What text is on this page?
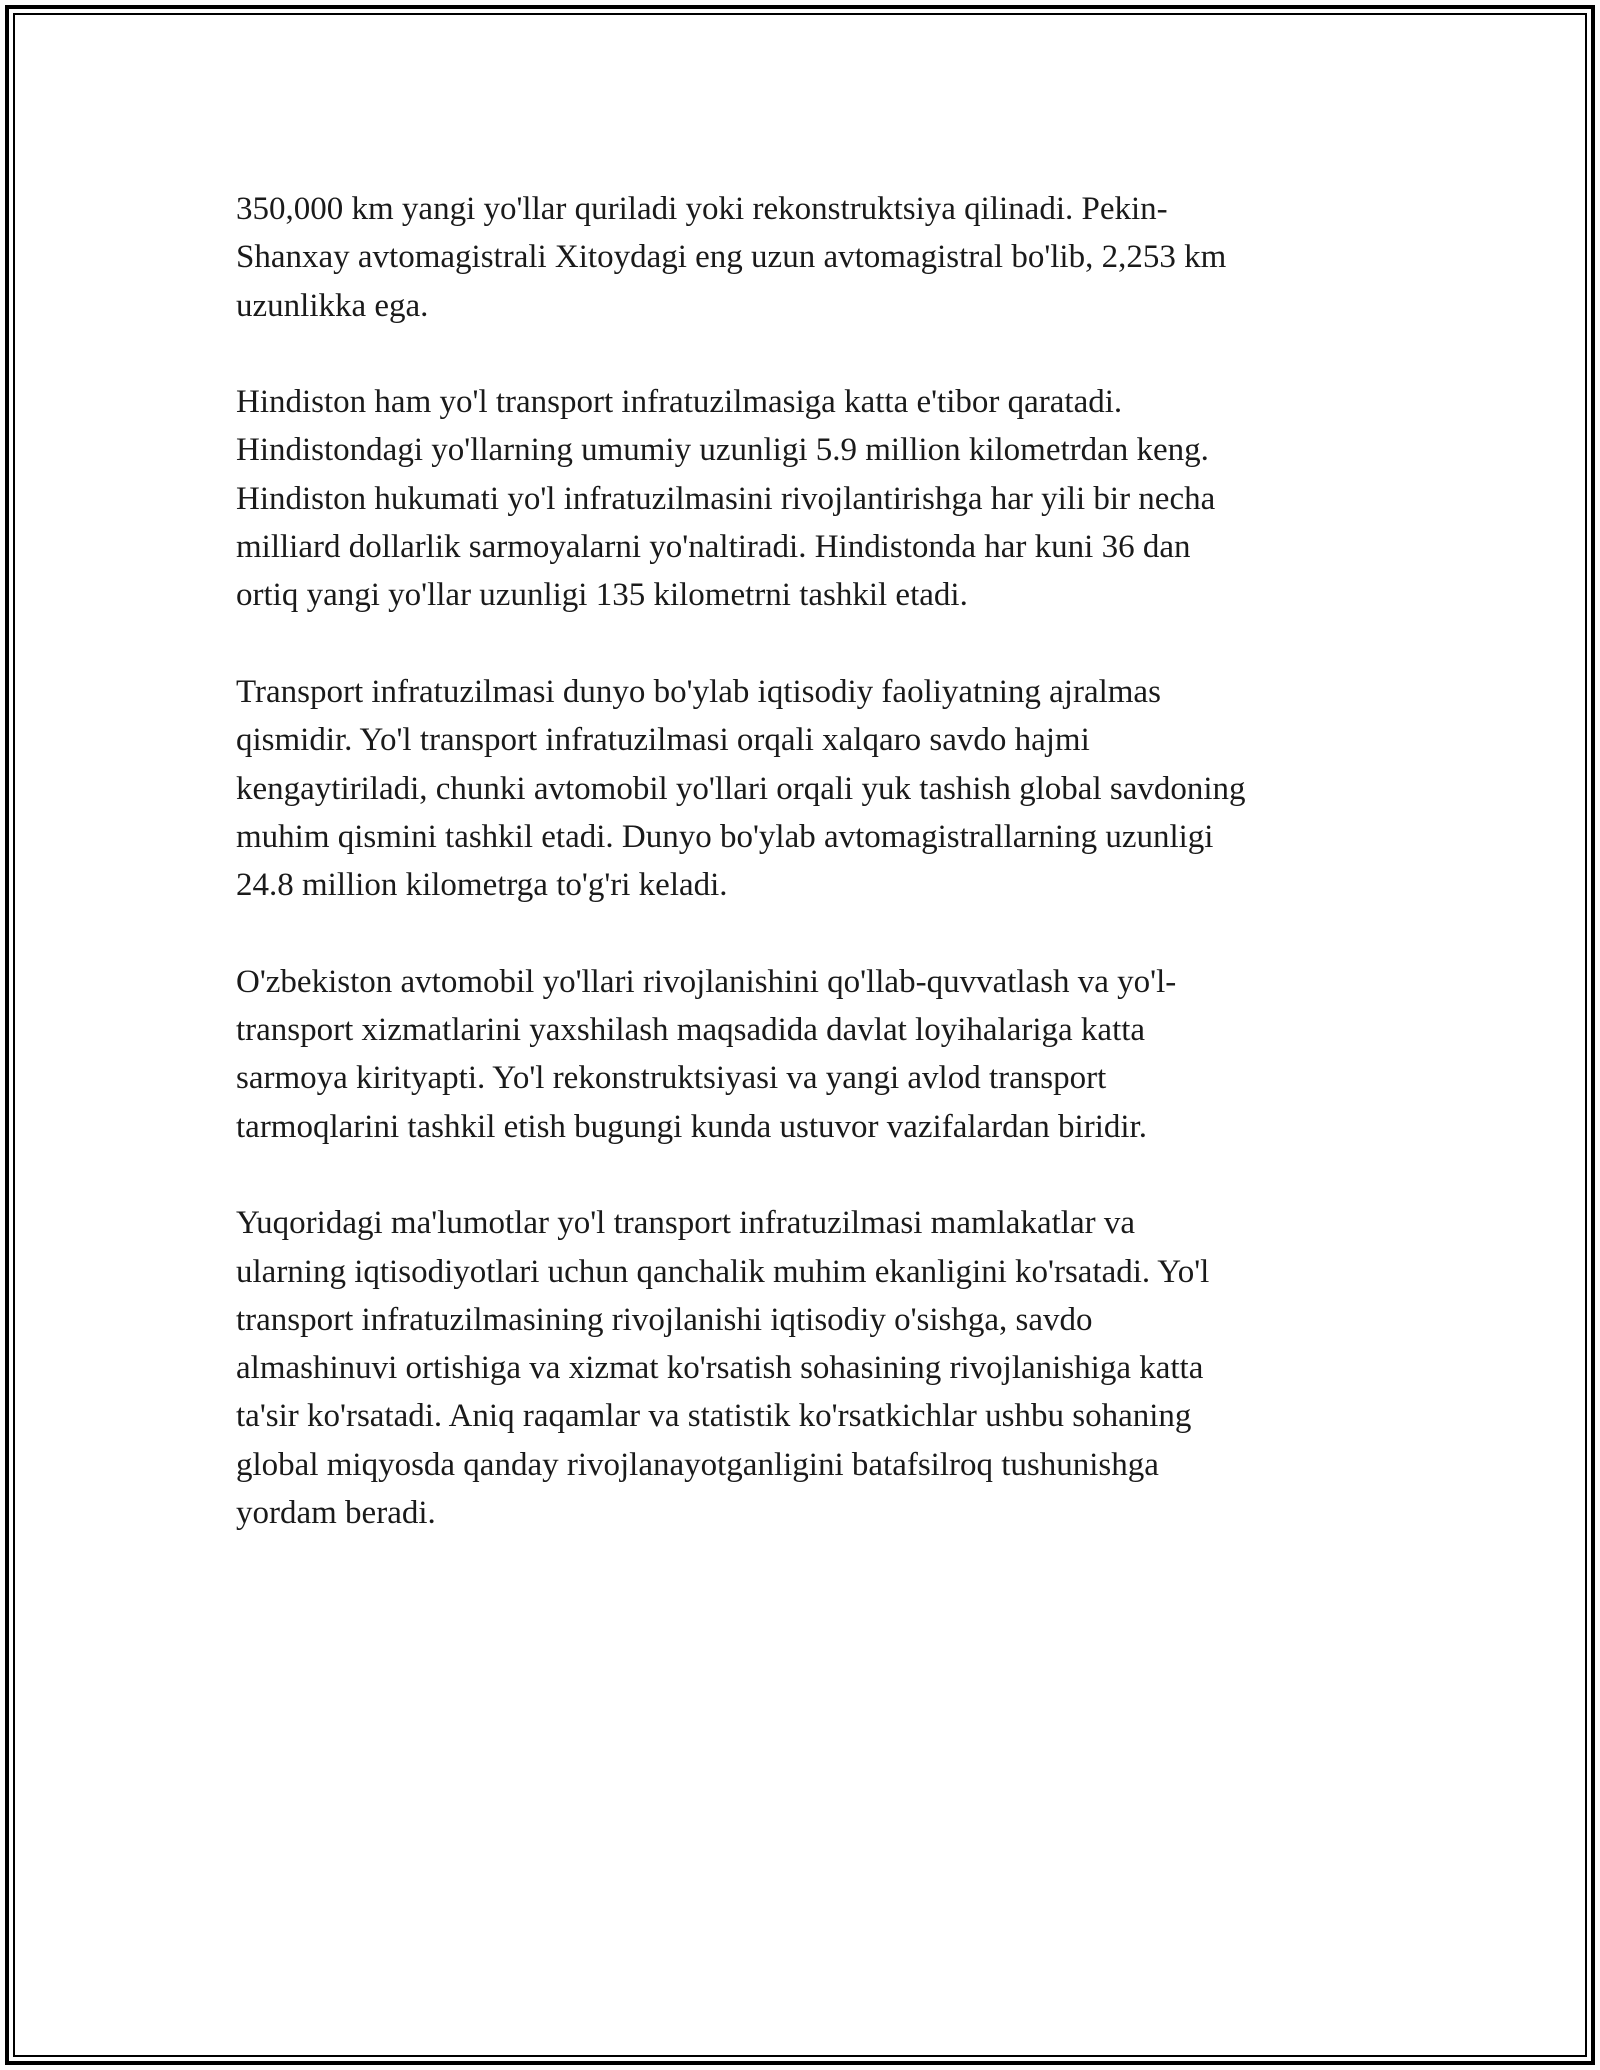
350,000 km yangi yo'llar quriladi yoki rekonstruktsiya qilinadi. Pekin-
Shanxay avtomagistrali Xitoydagi eng uzun avtomagistral bo'lib, 2,253 km
uzunlikka ega.

Hindiston ham yo'l transport infratuzilmasiga katta e'tibor qaratadi.
Hindistondagi yo'llarning umumiy uzunligi 5.9 million kilometrdan keng.
Hindiston hukumati yo'l infratuzilmasini rivojlantirishga har yili bir necha
milliard dollarlik sarmoyalarni yo'naltiradi. Hindistonda har kuni 36 dan
ortiq yangi yo'llar uzunligi 135 kilometrni tashkil etadi.

Transport infratuzilmasi dunyo bo'ylab iqtisodiy faoliyatning ajralmas
qismidir. Yo'l transport infratuzilmasi orqali xalqaro savdo hajmi
kengaytiriladi, chunki avtomobil yo'llari orqali yuk tashish global savdoning
muhim qismini tashkil etadi. Dunyo bo'ylab avtomagistrallarning uzunligi
24.8 million kilometrga to'g'ri keladi.

O'zbekiston avtomobil yo'llari rivojlanishini qo'llab-quvvatlash va yo'l-
transport xizmatlarini yaxshilash maqsadida davlat loyihalariga katta
sarmoya kirityapti. Yo'l rekonstruktsiyasi va yangi avlod transport
tarmoqlarini tashkil etish bugungi kunda ustuvor vazifalardan biridir.

Yuqoridagi ma'lumotlar yo'l transport infratuzilmasi mamlakatlar va
ularning iqtisodiyotlari uchun qanchalik muhim ekanligini ko'rsatadi. Yo'l
transport infratuzilmasining rivojlanishi iqtisodiy o'sishga, savdo
almashinuvi ortishiga va xizmat ko'rsatish sohasining rivojlanishiga katta
ta'sir ko'rsatadi. Aniq raqamlar va statistik ko'rsatkichlar ushbu sohaning
global miqyosda qanday rivojlanayotganligini batafsilroq tushunishga
yordam beradi.
